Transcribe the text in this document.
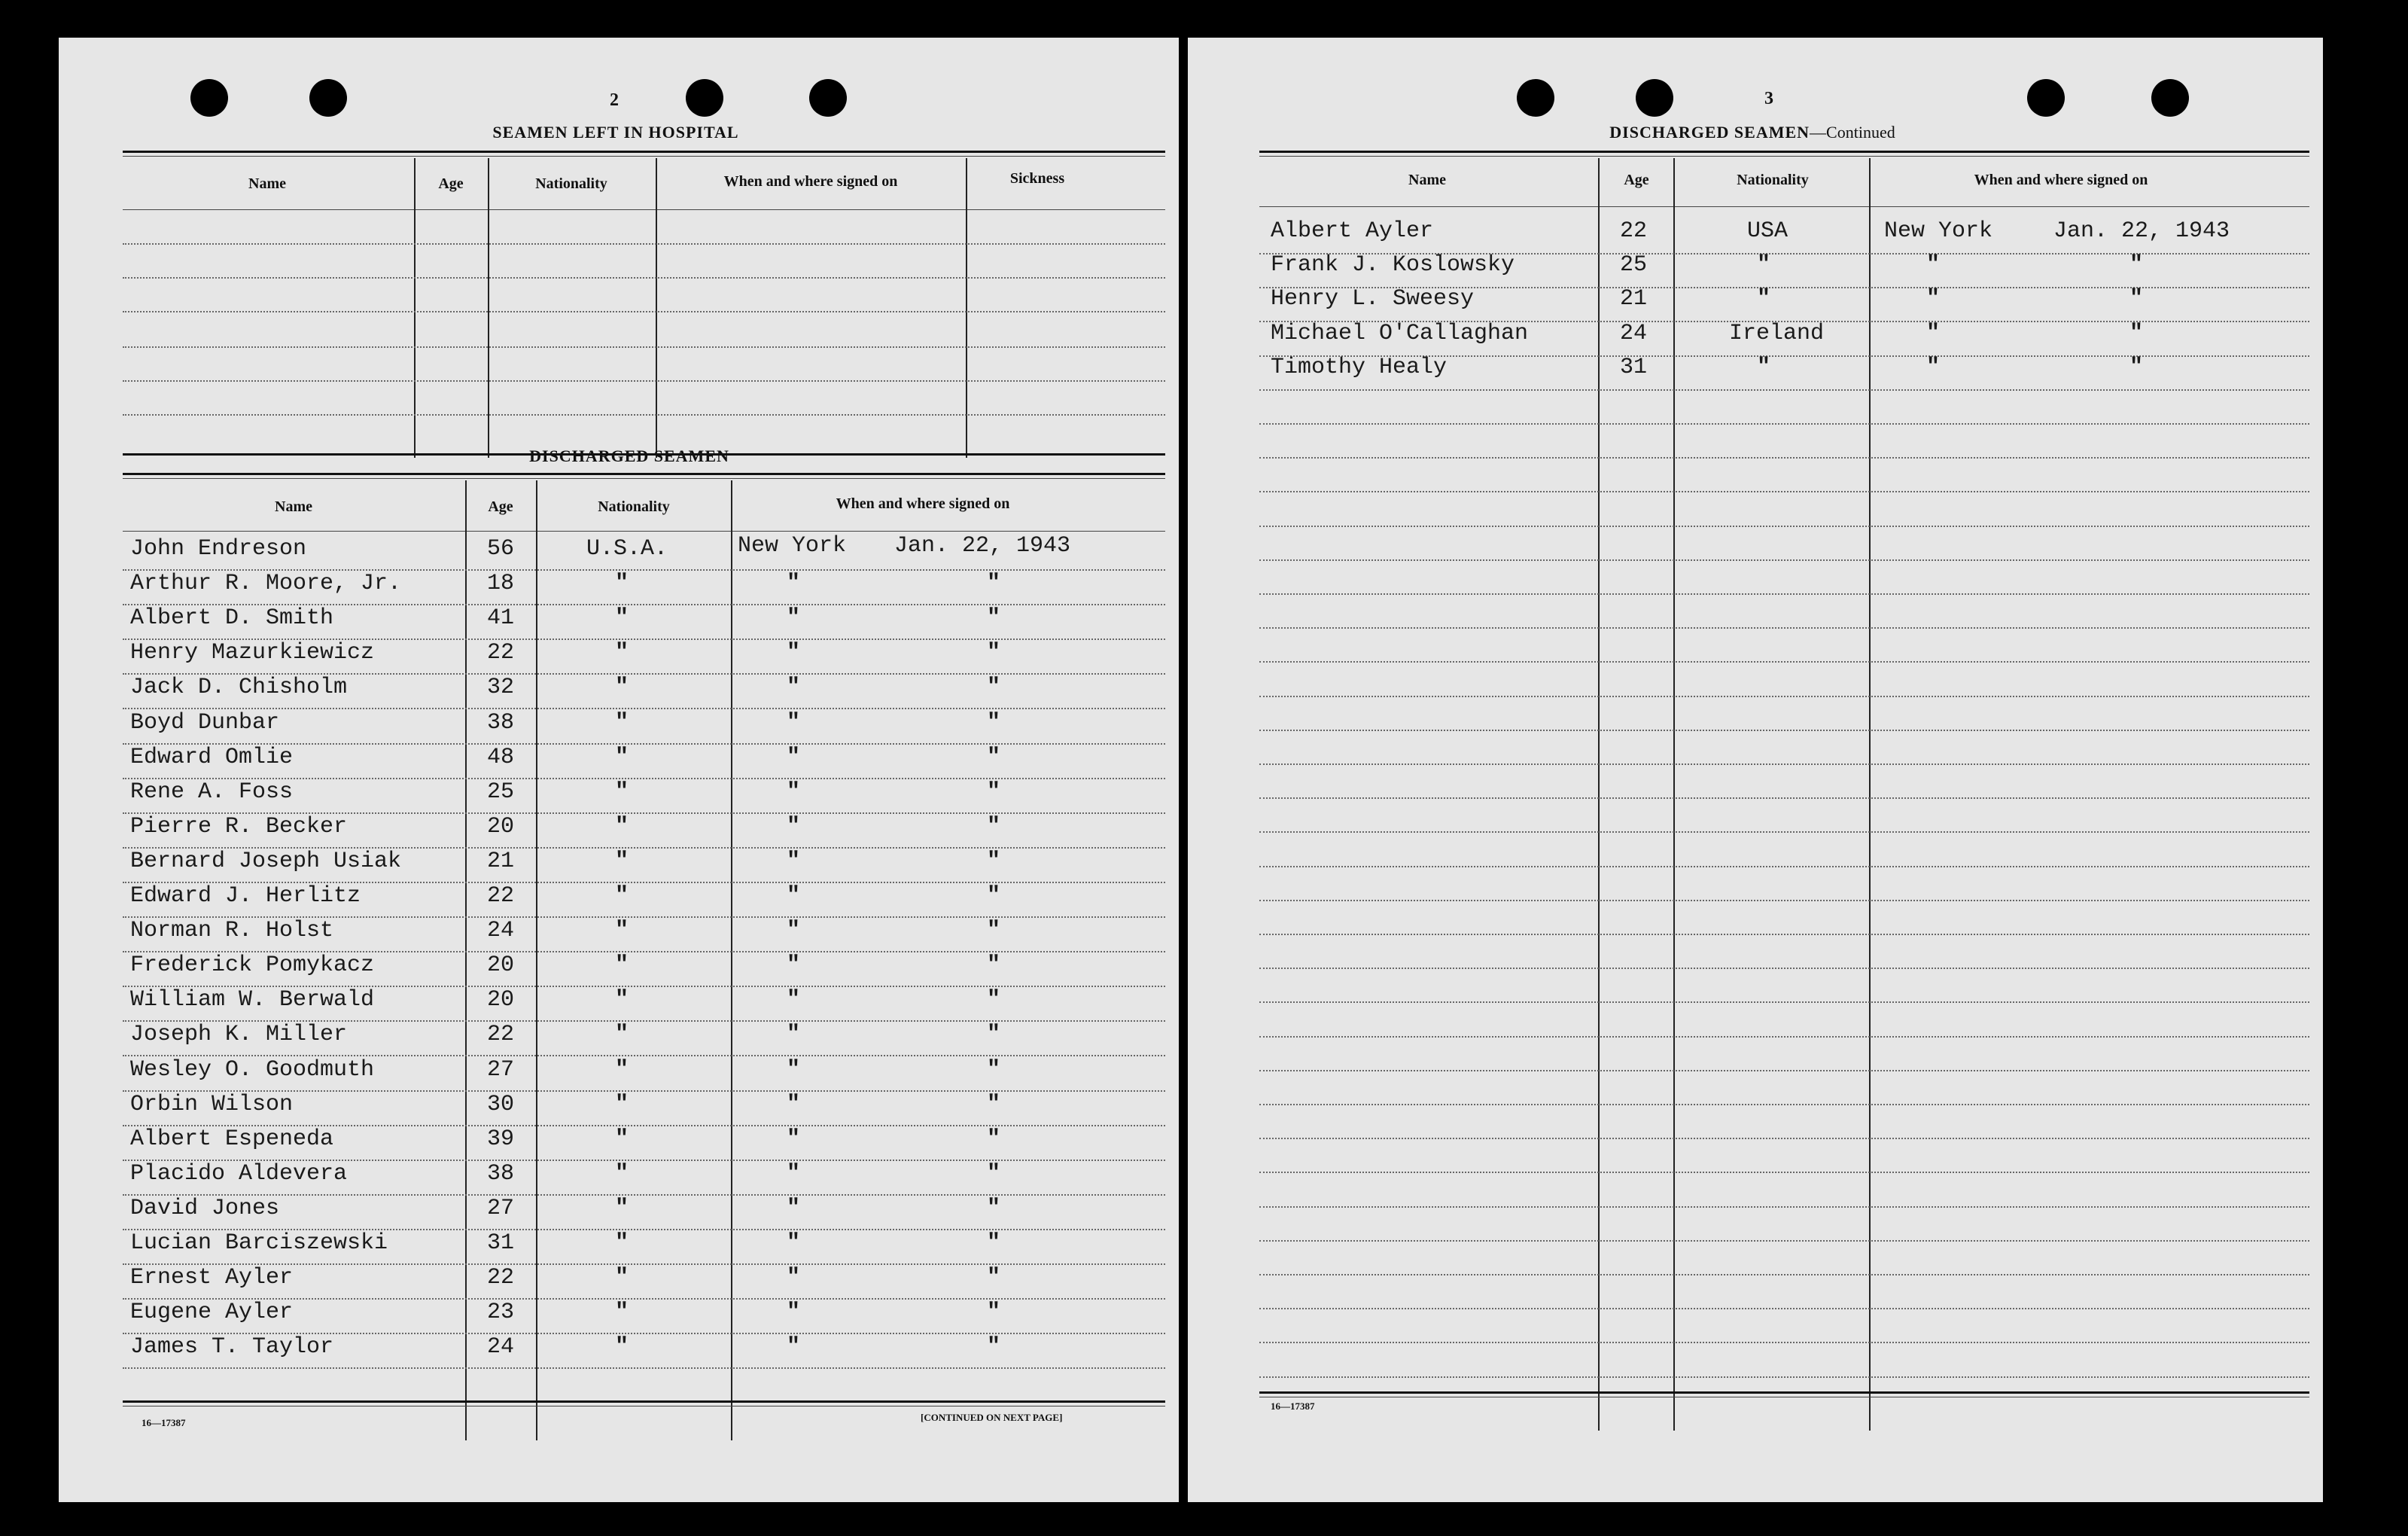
2
SEAMEN LEFT IN HOSPITAL
Name	Age	Nationality	When and where signed on	Sickness
DISCHARGED SEAMEN
Name	Age	Nationality	When and where signed on
John Endreson	56	U.S.A.	New York Jan. 22, 1943
Arthur R. Moore, Jr.	18	"	"	"
Albert D. Smith	41	"	"	"
Henry Mazurkiewicz	22	"	"	"
Jack D. Chisholm	32	"	"	"
Boyd Dunbar	38	"	"	"
Edward Omlie	48	"	"	"
Rene A. Foss	25	"	"	"
Pierre R. Becker	20	"	"	"
Bernard Joseph Usiak	21	"	"	"
Edward J. Herlitz	22	"	"	"
Norman R. Holst	24	"	"	"
Frederick Pomykacz	20	"	"	"
William W. Berwald	20	"	"	"
Joseph K. Miller	22	"	"	"
Wesley O. Goodmuth	27	"	"	"
Orbin Wilson	30	"	"	"
Albert Espeneda	39	"	"	"
Placido Aldevera	38	"	"	"
David Jones	27	"	"	"
Lucian Barciszewski	31	"	"	"
Ernest Ayler	22	"	"	"
Eugene Ayler	23	"	"	"
James T. Taylor	24	"	"	"
16—17387	[CONTINUED ON NEXT PAGE]
3
DISCHARGED SEAMEN—Continued
Name	Age	Nationality	When and where signed on
Albert Ayler	22	USA	New York	Jan. 22, 1943
Frank J. Koslowsky	25	"	"	"
Henry L. Sweesy	21	"	"	"
Michael O'Callaghan	24	Ireland	"	"
Timothy Healy	31	"	"	"
16—17387
